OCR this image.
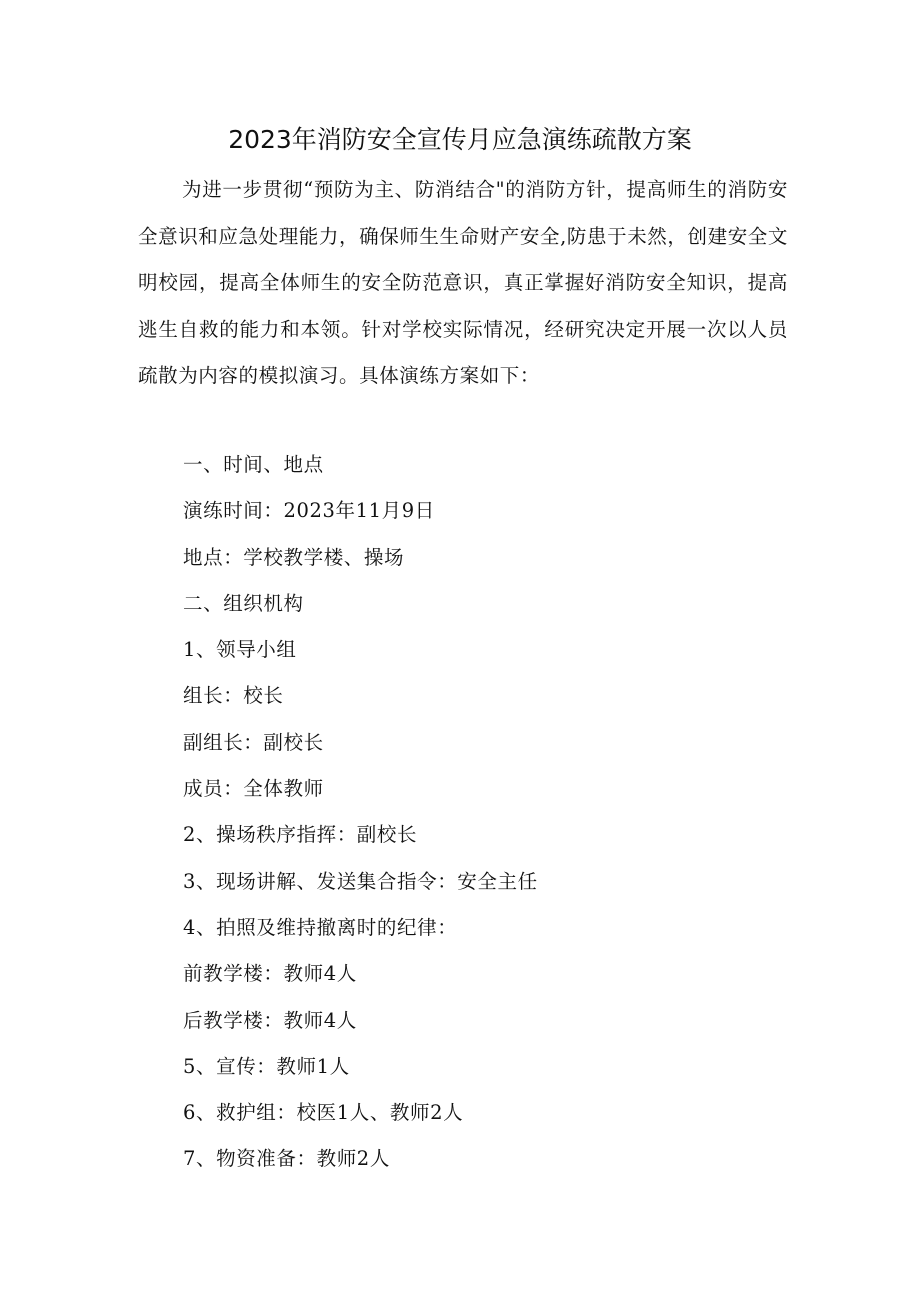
2023年消防安全宣传月应急演练疏散方案

为进一步贯彻“预防为主、防消结合"的消防方针，提高师生的消防安全意识和应急处理能力，确保师生生命财产安全,防患于未然，创建安全文明校园，提高全体师生的安全防范意识，真正掌握好消防安全知识，提高逃生自救的能力和本领。针对学校实际情况，经研究决定开展一次以人员疏散为内容的模拟演习。具体演练方案如下：

一、时间、地点
演练时间：2023年11月9日
地点：学校教学楼、操场
二、组织机构
1、领导小组
组长：校长
副组长：副校长
成员：全体教师
2、操场秩序指挥：副校长
3、现场讲解、发送集合指令：安全主任
4、拍照及维持撤离时的纪律：
前教学楼：教师4人
后教学楼：教师4人
5、宣传：教师1人
6、救护组：校医1人、教师2人
7、物资准备：教师2人
